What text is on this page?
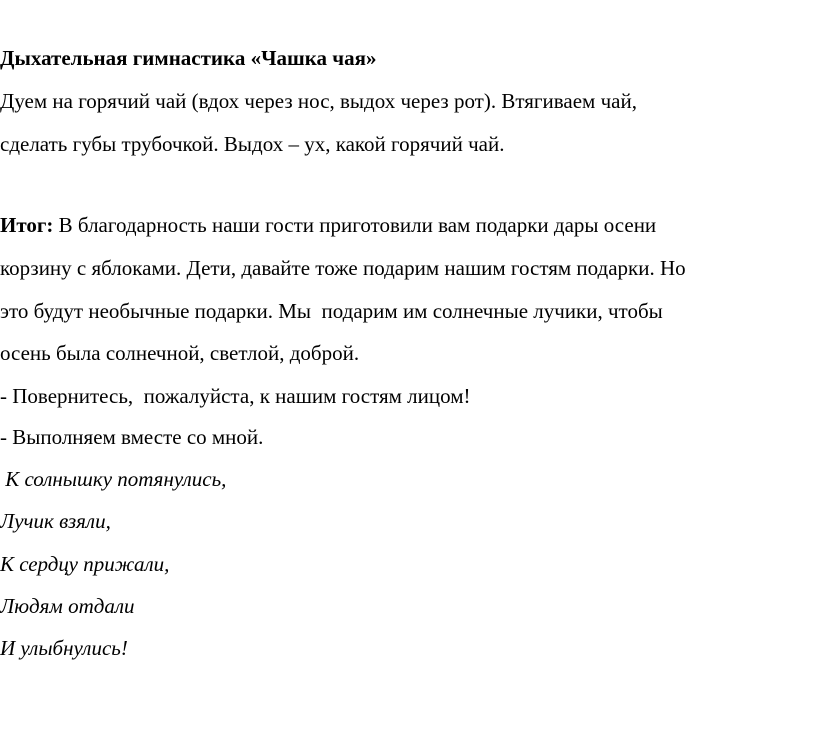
Дыхательная гимнастика «Чашка чая»

Дуем на горячий чай (вдох через нос, выдох через рот). Втягиваем чай,

сделать губы трубочкой. Выдох – ух, какой горячий чай.

Итог: В благодарность наши гости приготовили вам подарки дары осени

корзину с яблоками. Дети, давайте тоже подарим нашим гостям подарки. Но

это будут необычные подарки. Мы  подарим им солнечные лучики, чтобы

осень была солнечной, светлой, доброй.

- Повернитесь,  пожалуйста, к нашим гостям лицом!

- Выполняем вместе со мной.

К солнышку потянулись,

Лучик взяли,

К сердцу прижали,

Людям отдали

И улыбнулись!
